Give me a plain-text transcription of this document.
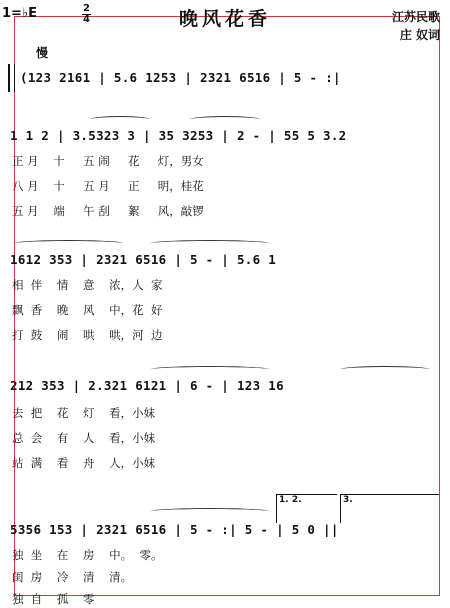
1=♭E	2
4	晚风花香	江苏民歌
庄 奴词
慢
(123 2161 | 5.6 1253 | 2321 6516 | 5 - :|
1 1 2 | 3.5323 3 | 35 3253 | 2 - | 55 5 3.2
正 月    十     五 闹     花     灯，男女
八 月    十     五 月     正     明，桂花
五 月    端     午 刮     絮     风，敲锣
1612 353 | 2321 6516 | 5 - | 5.6 1
相  伴    情    意    浓，人  家
飘  香    晚    风    中，花  好
打  鼓    闹    哄    哄，河  边
212 353 | 2.321 6121 | 6 - | 123 16
去  把    花    灯    看，小妹
总  会    有    人    看，小妹
站  满    看    舟    人，小妹
1. 2.	3.
5356 153 | 2321 6516 | 5 - :| 5 - | 5 0 ||
独  坐    在    房    中。  零。
闺  房    冷    清    清。
独  自    孤    零
